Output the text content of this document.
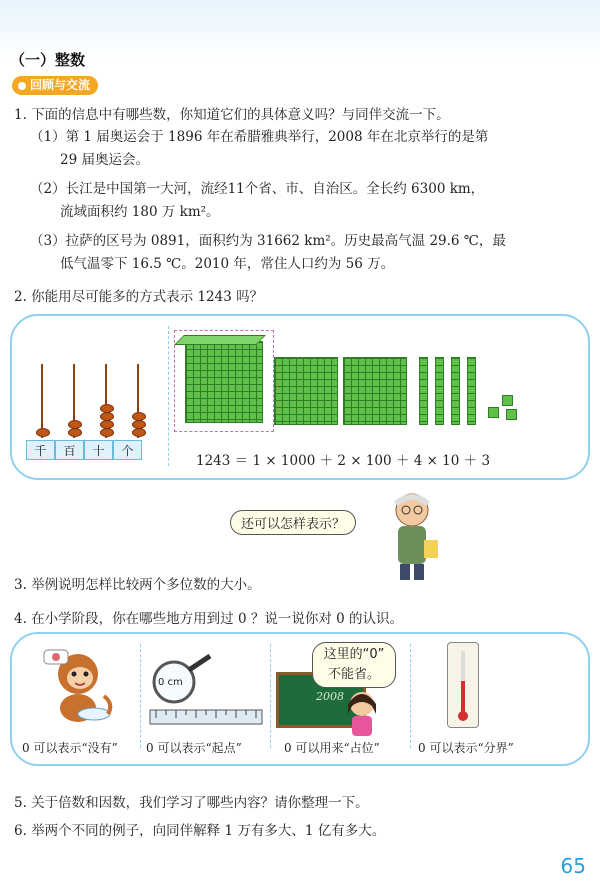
（一）整数
回顾与交流
1. 下面的信息中有哪些数，你知道它们的具体意义吗？与同伴交流一下。
（1）第 1 届奥运会于 1896 年在希腊雅典举行，2008 年在北京举行的是第
29 届奥运会。
（2）长江是中国第一大河，流经11个省、市、自治区。全长约 6300 km，
流域面积约 180 万 km²。
（3）拉萨的区号为 0891，面积约为 31662 km²。历史最高气温 29.6 ℃，最
低气温零下 16.5 ℃。2010 年，常住人口约为 56 万。
2. 你能用尽可能多的方式表示 1243 吗？
千	百	十	个
1243 ＝ 1 × 1000 ＋ 2 × 100 ＋ 4 × 10 ＋ 3
还可以怎样表示？
3. 举例说明怎样比较两个多位数的大小。
4. 在小学阶段，你在哪些地方用到过 0 ？说一说你对 0 的认识。
0 可以表示“没有”
0 cm
0 可以表示“起点”
2008
这里的“0”
不能省。
0 可以用来“占位”	0 可以表示“分界”
5. 关于倍数和因数，我们学习了哪些内容？请你整理一下。
6. 举两个不同的例子，向同伴解释 1 万有多大、1 亿有多大。
65
